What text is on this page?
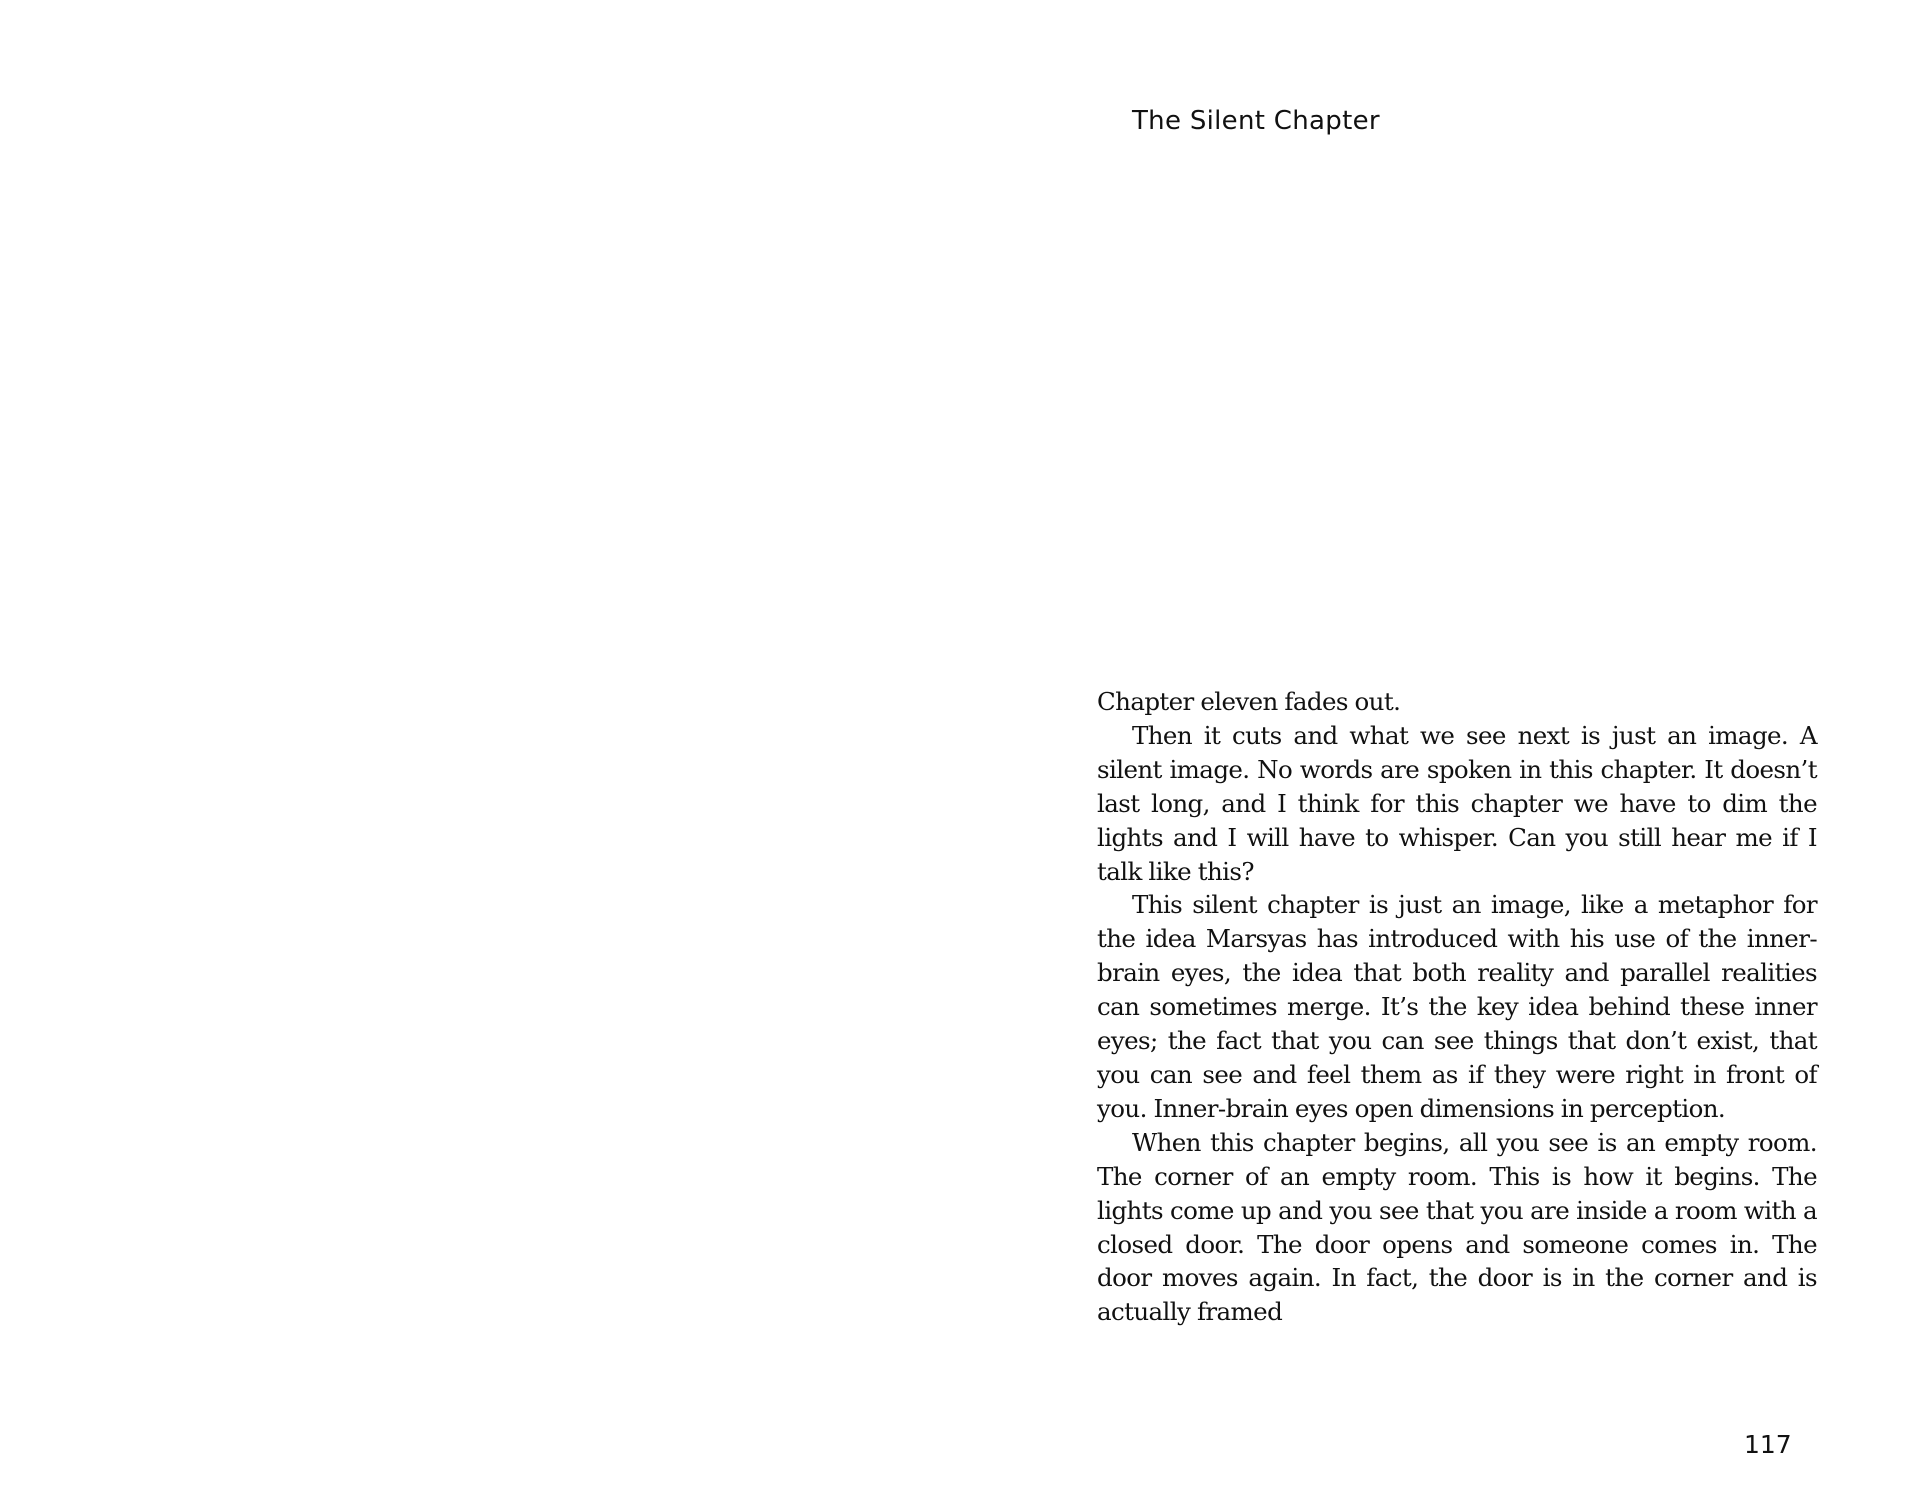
The Silent Chapter

Chapter eleven fades out.

Then it cuts and what we see next is just an image. A silent image. No words are spoken in this chapter. It doesn’t last long, and I think for this chapter we have to dim the lights and I will have to whisper. Can you still hear me if I talk like this?

This silent chapter is just an image, like a metaphor for the idea Marsyas has introduced with his use of the inner-brain eyes, the idea that both reality and parallel realities can sometimes merge. It’s the key idea behind these inner eyes; the fact that you can see things that don’t exist, that you can see and feel them as if they were right in front of you. Inner-brain eyes open dimensions in perception.

When this chapter begins, all you see is an empty room. The corner of an empty room. This is how it begins. The lights come up and you see that you are inside a room with a closed door. The door opens and someone comes in. The door moves again. In fact, the door is in the corner and is actually framed

117
